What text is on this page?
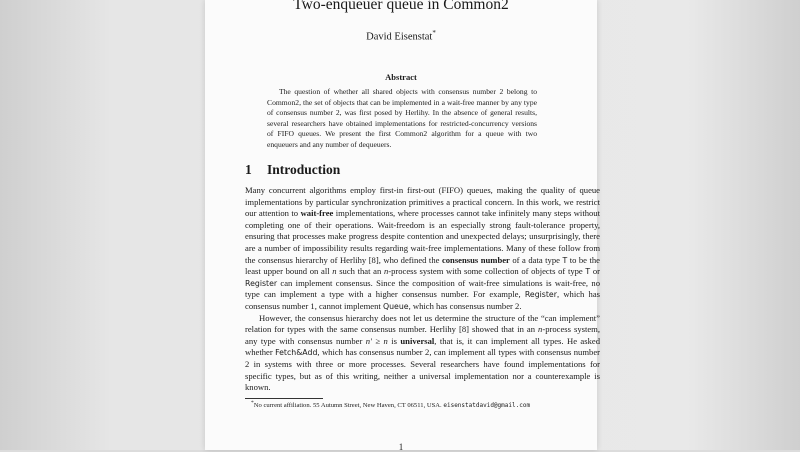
Two-enqueuer queue in Common2
David Eisenstat*
Abstract
The question of whether all shared objects with consensus number 2 belong to Common2, the set of objects that can be implemented in a wait-free manner by any type of consensus number 2, was first posed by Herlihy. In the absence of general results, several researchers have obtained implementations for restricted-concurrency versions of FIFO queues. We present the first Common2 algorithm for a queue with two enqueuers and any number of dequeuers.
1 Introduction

Many concurrent algorithms employ first-in first-out (FIFO) queues, making the quality of queue implementations by particular synchronization primitives a practical concern. In this work, we restrict our attention to wait-free implementations, where processes cannot take infinitely many steps without completing one of their operations. Wait-freedom is an especially strong fault-tolerance property, ensuring that processes make progress despite contention and unexpected delays; unsurprisingly, there are a number of impossibility results regarding wait-free implementations. Many of these follow from the consensus hierarchy of Herlihy [8], who defined the consensus number of a data type T to be the least upper bound on all n such that an n-process system with some collection of objects of type T or Register can implement consensus. Since the composition of wait-free simulations is wait-free, no type can implement a type with a higher consensus number. For example, Register, which has consensus number 1, cannot implement Queue, which has consensus number 2.

However, the consensus hierarchy does not let us determine the structure of the “can implement” relation for types with the same consensus number. Herlihy [8] showed that in an n-process system, any type with consensus number n′ ≥ n is universal, that is, it can implement all types. He asked whether Fetch&Add, which has consensus number 2, can implement all types with consensus number 2 in systems with three or more processes. Several researchers have found implementations for specific types, but as of this writing, neither a universal implementation nor a counterexample is known.

*No current affiliation. 55 Autumn Street, New Haven, CT 06511, USA. eisenstatdavid@gmail.com
1
